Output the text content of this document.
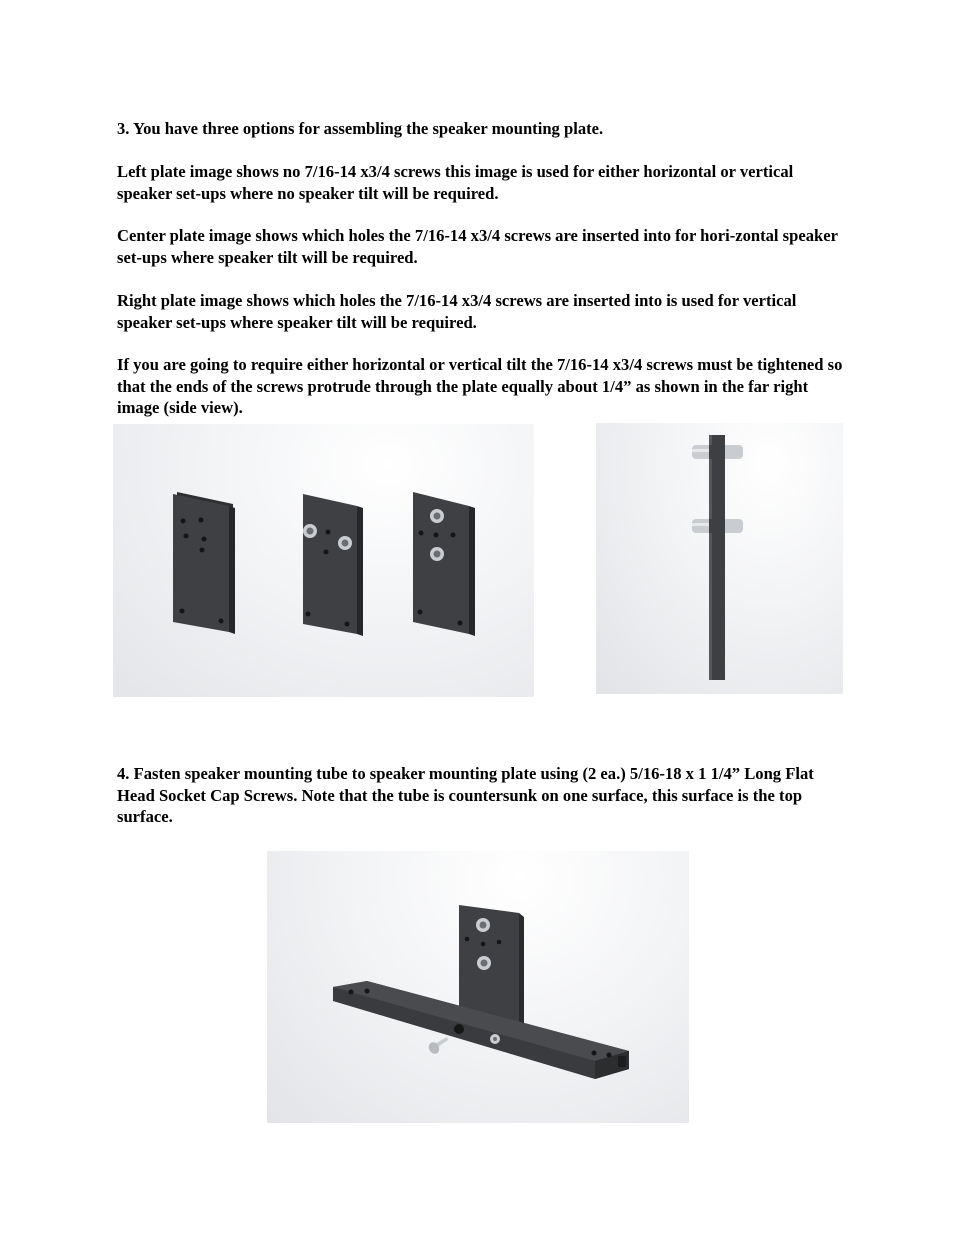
3. You have three options for assembling the speaker mounting plate.

Left plate image shows no 7/16-14 x3/4 screws this image is used for either horizontal or vertical speaker set-ups where no speaker tilt will be required.

Center plate image shows which holes the 7/16-14 x3/4 screws are inserted into for hori-zontal speaker set-ups where speaker tilt will be required.

Right plate image shows which holes the 7/16-14 x3/4 screws are inserted into is used for vertical speaker set-ups where speaker tilt will be required.

If you are going to require either horizontal or vertical tilt the 7/16-14 x3/4 screws must be tightened so that the ends of the screws protrude through the plate equally about 1/4” as shown in the far right image (side view).

4. Fasten speaker mounting tube to speaker mounting plate using (2 ea.) 5/16-18 x 1 1/4” Long Flat Head Socket Cap Screws. Note that the tube is countersunk on one surface, this surface is the top surface.
